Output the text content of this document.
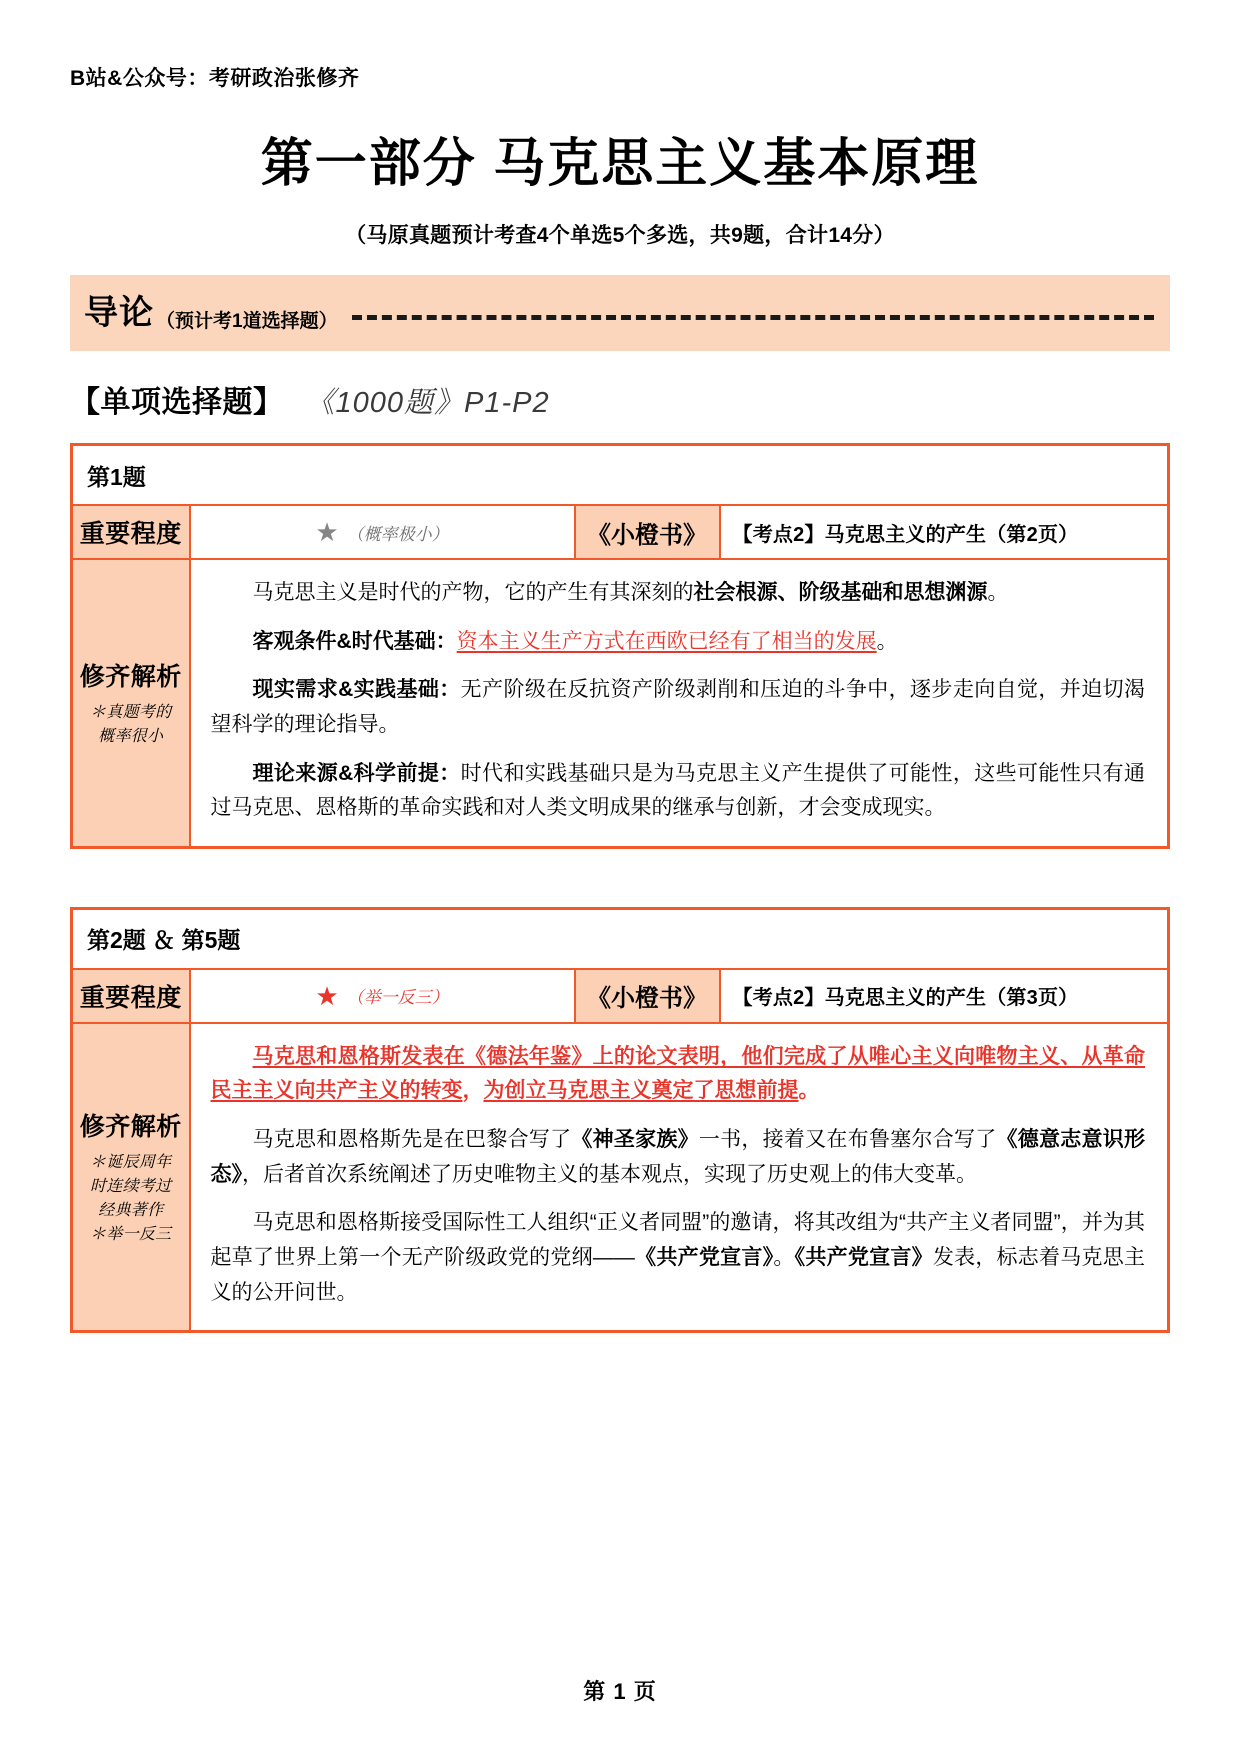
B站&公众号：考研政治张修齐
第一部分 马克思主义基本原理
（马原真题预计考查4个单选5个多选，共9题，合计14分）
导论 （预计考1道选择题）
【单项选择题】 《1000题》P1-P2
第1题			
重要程度	★ （概率极小）	《小橙书》	【考点2】马克思主义的产生（第2页）

修齐解析
＊真题考的
概率很小

马克思主义是时代的产物，它的产生有其深刻的社会根源、阶级基础和思想渊源。

客观条件&时代基础：资本主义生产方式在西欧已经有了相当的发展。

现实需求&实践基础：无产阶级在反抗资产阶级剥削和压迫的斗争中，逐步走向自觉，并迫切渴望科学的理论指导。

理论来源&科学前提：时代和实践基础只是为马克思主义产生提供了可能性，这些可能性只有通过马克思、恩格斯的革命实践和对人类文明成果的继承与创新，才会变成现实。

第2题 ＆ 第5题			
重要程度	★ （举一反三）	《小橙书》	【考点2】马克思主义的产生（第3页）

修齐解析
＊诞辰周年
时连续考过
经典著作
＊举一反三

马克思和恩格斯发表在《德法年鉴》上的论文表明，他们完成了从唯心主义向唯物主义、从革命民主主义向共产主义的转变，为创立马克思主义奠定了思想前提。

马克思和恩格斯先是在巴黎合写了《神圣家族》一书，接着又在布鲁塞尔合写了《德意志意识形态》，后者首次系统阐述了历史唯物主义的基本观点，实现了历史观上的伟大变革。

马克思和恩格斯接受国际性工人组织“正义者同盟”的邀请，将其改组为“共产主义者同盟”，并为其起草了世界上第一个无产阶级政党的党纲——《共产党宣言》。《共产党宣言》发表，标志着马克思主义的公开问世。

第 1 页
